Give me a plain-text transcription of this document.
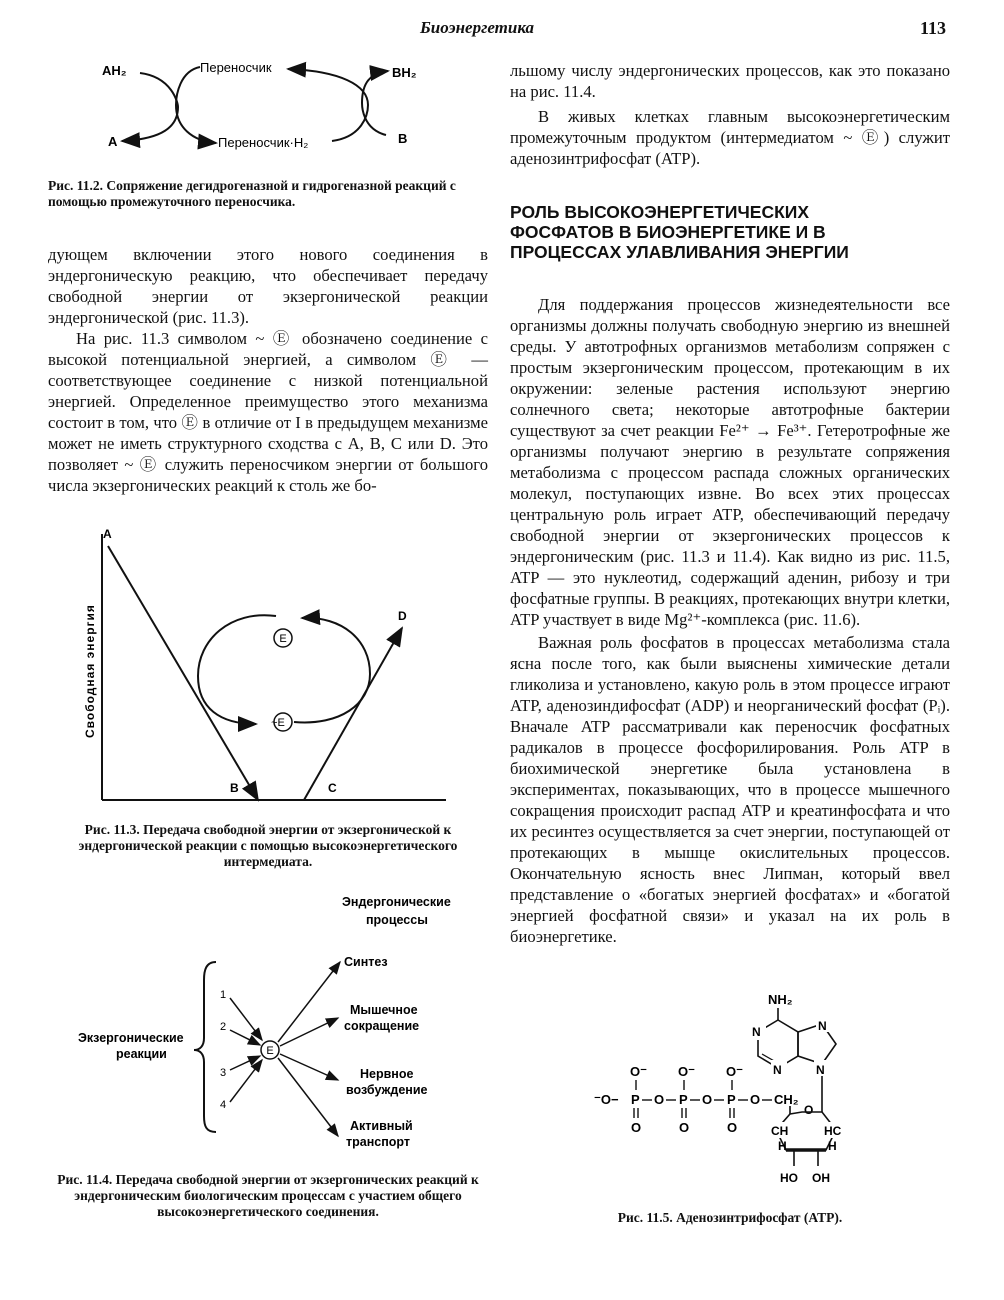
Биоэнергетика	113
AH₂
A
Переносчик
Переносчик·H₂
BH₂
B

Рис. 11.2. Сопряжение дегидрогеназной и гидрогеназной реакций с помощью промежуточного переносчика.

дующем включении этого нового соединения в эндергоническую реакцию, что обеспечивает передачу свободной энергии от экзергонической реакции эндергонической (рис. 11.3).

На рис. 11.3 символом ~ Ⓔ обозначено соединение с высокой потенциальной энергией, а символом Ⓔ — соответствующее соединение с низкой потенциальной энергией. Определенное преимущество этого механизма состоит в том, что Ⓔ в отличие от I в предыдущем механизме может не иметь структурного сходства с A, B, C или D. Это позволяет ~ Ⓔ служить переносчиком энергии от большого числа экзергонических реакций к столь же бо-

Свободная энергия
A
B	C
D
E
~E

Рис. 11.3. Передача свободной энергии от экзергонической к эндергонической реакции с помощью высокоэнергетического интермедиата.

Эндергонические
процессы
Экзергонические
реакции
1
2
3
4
E
Синтез
Мышечное
сокращение
Нервное
возбуждение
Активный
транспорт

Рис. 11.4. Передача свободной энергии от экзергонических реакций к эндергоническим биологическим процессам с участием общего высокоэнергетического соединения.

льшому числу эндергонических процессов, как это показано на рис. 11.4.

В живых клетках главным высокоэнергетическим промежуточным продуктом (интермедиатом ~ Ⓔ) служит аденозинтрифосфат (ATP).

РОЛЬ ВЫСОКОЭНЕРГЕТИЧЕСКИХ ФОСФАТОВ В БИОЭНЕРГЕТИКЕ И В ПРОЦЕССАХ УЛАВЛИВАНИЯ ЭНЕРГИИ

Для поддержания процессов жизнедеятельности все организмы должны получать свободную энергию из внешней среды. У автотрофных организмов метаболизм сопряжен с простым экзергоническим процессом, протекающим в их окружении: зеленые растения используют энергию солнечного света; некоторые автотрофные бактерии существуют за счет реакции Fe²⁺ → Fe³⁺. Гетеротрофные же организмы получают энергию в результате сопряжения метаболизма с процессом распада сложных органических молекул, поступающих извне. Во всех этих процессах центральную роль играет ATP, обеспечивающий передачу свободной энергии от экзергонических процессов к эндергоническим (рис. 11.3 и 11.4). Как видно из рис. 11.5, ATP — это нуклеотид, содержащий аденин, рибозу и три фосфатные группы. В реакциях, протекающих внутри клетки, ATP участвует в виде Mg²⁺-комплекса (рис. 11.6).

Важная роль фосфатов в процессах метаболизма стала ясна после того, как были выяснены химические детали гликолиза и установлено, какую роль в этом процессе играют ATP, аденозиндифосфат (ADP) и неорганический фосфат (Pᵢ). Вначале ATP рассматривали как переносчик фосфатных радикалов в процессе фосфорилирования. Роль ATP в биохимической энергетике была установлена в экспериментах, показывающих, что в процессе мышечного сокращения происходит распад ATP и креатинфосфата и что их ресинтез осуществляется за счет энергии, поступающей от протекающих в мышце окислительных процессов. Окончательную ясность внес Липман, который ввел представление о «богатых энергией фосфатах» и «богатой энергией фосфатной связи» и указал на их роль в биоэнергетике.

NH₂
N
N
N
N
O⁻ O⁻ O⁻
⁻O− P O P O P O CH₂
O	O	O
O
CH	HC
H	H
HO OH

Рис. 11.5. Аденозинтрифосфат (ATP).
